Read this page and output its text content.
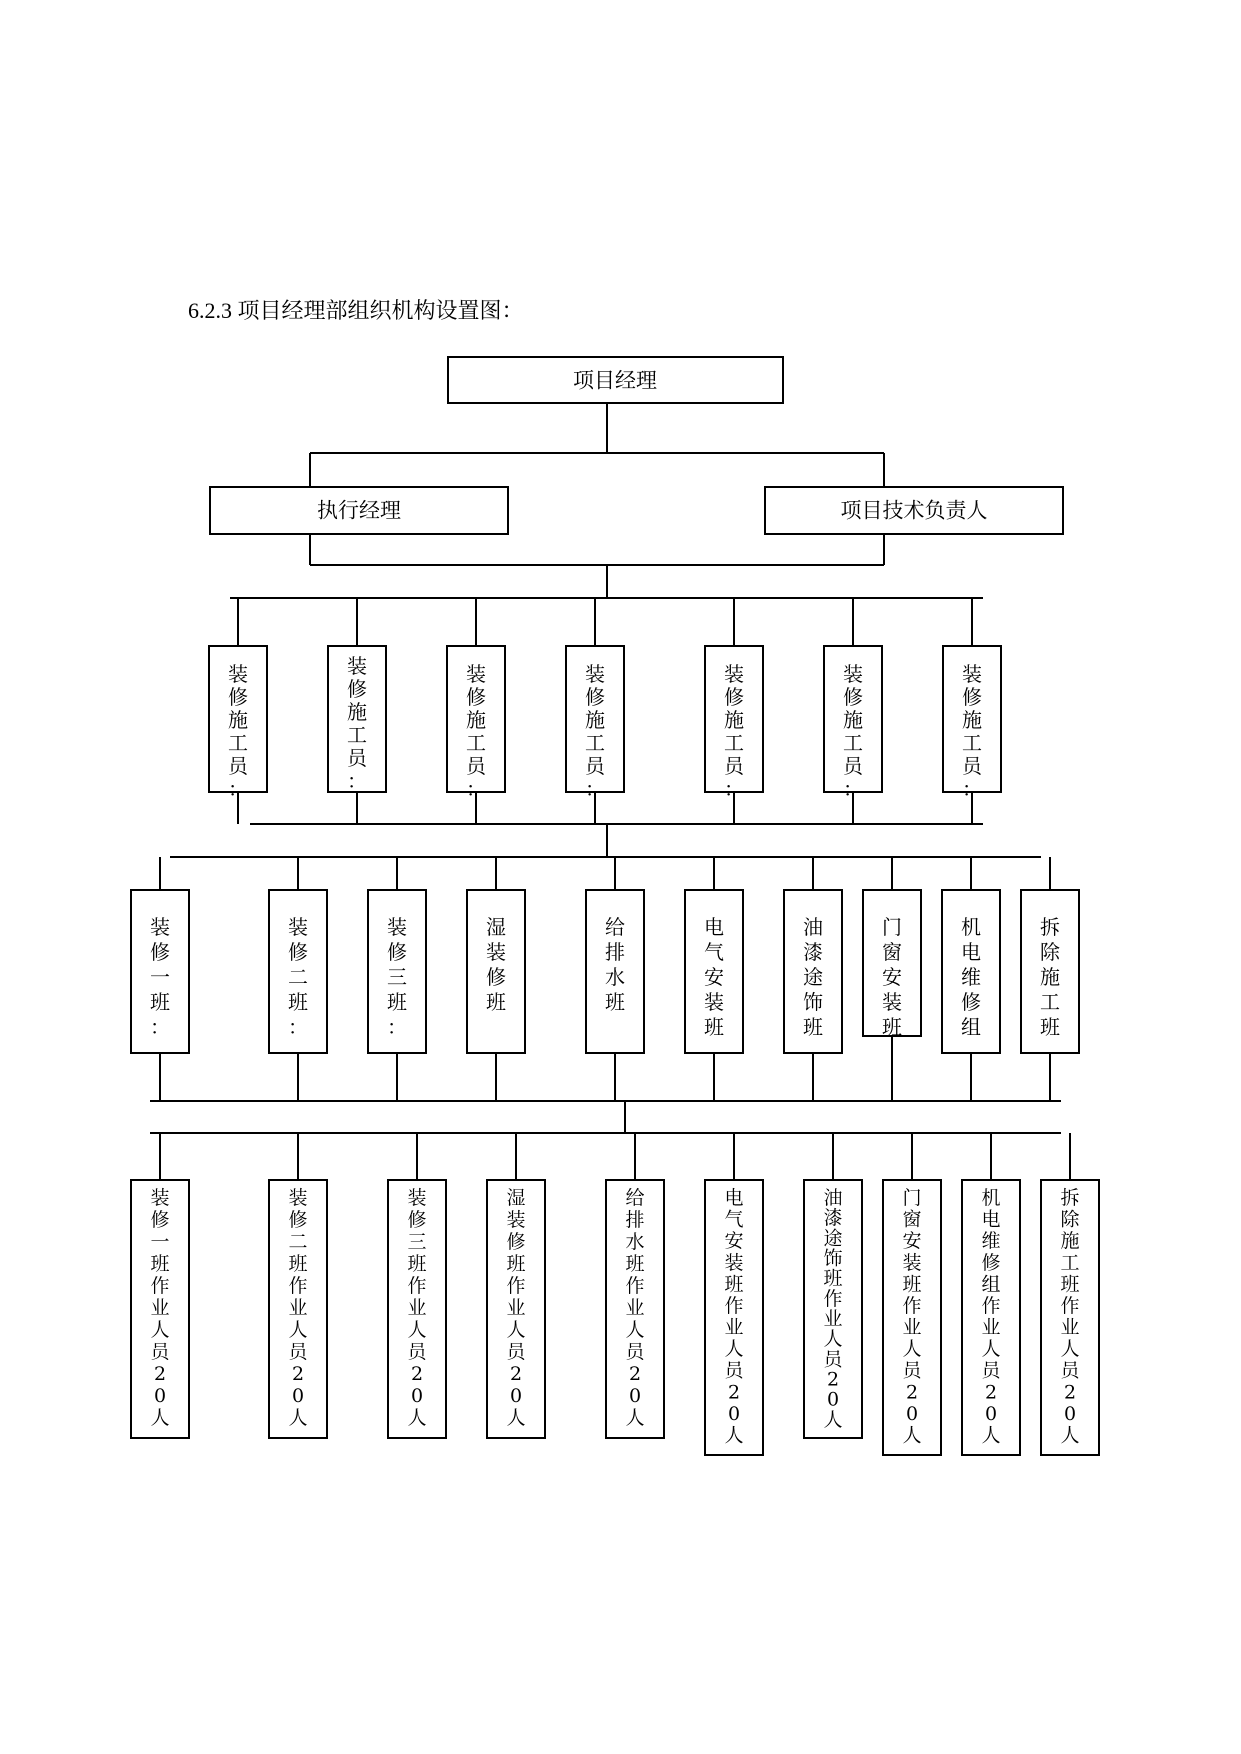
6.2.3 项目经理部组织机构设置图：
项目经理
执行经理	项目技术负责人
装修施工员：
装修施工员：
装修施工员：
装修施工员：
装修施工员：
装修施工员：
装修施工员：
装修一班：
装修二班：
装修三班：
湿装修班
给排水班
电气安装班
油漆途饰班
门窗安装班
机电维修组
拆除施工班
装修一班作业人员 2 0 人
装修二班作业人员 2 0 人
装修三班作业人员 2 0 人
湿装修班作业人员 2 0 人
给排水班作业人员 2 0 人
电气安装班作业人员 2 0 人
油漆途饰班作业人员 2 0 人
门窗安装班作业人员 2 0 人
机电维修组作业人员 2 0 人
拆除施工班作业人员 2 0 人
